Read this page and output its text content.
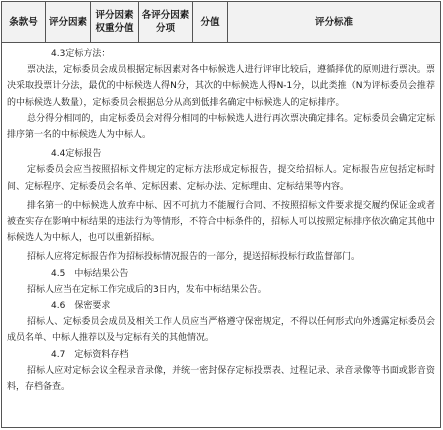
条款号	评分因素
评分因素权重分值
各评分因素分项
分值	评分标准

4.3定标方法：

票决法，定标委员会成员根据定标因素对各中标候选人进行评审比较后，遵循择优的原则进行票决。票决采取投票计分法，最优的中标候选人得N分，其次的中标候选人得N-1分，以此类推（N为评标委员会推荐的中标候选人数量），定标委员会根据总分从高到低排名确定中标候选人的定标排序。

总分得分相同的，由定标委员会对得分相同的中标候选人进行再次票决确定排名。定标委员会确定定标排序第一名的中标候选人为中标人。

4.4定标报告

定标委员会应当按照招标文件规定的定标方法形成定标报告，提交给招标人。定标报告应包括定标时间、定标程序、定标委员会名单、定标因素、定标办法、定标理由、定标结果等内容。

排名第一的中标候选人放弃中标、因不可抗力不能履行合同、不按照招标文件要求提交履约保证金或者被查实存在影响中标结果的违法行为等情形，不符合中标条件的，招标人可以按照定标排序依次确定其他中标候选人为中标人，也可以重新招标。

招标人应将定标报告作为招标投标情况报告的一部分，提送招标投标行政监督部门。

4.5　中标结果公告

招标人应当在定标工作完成后的3日内，发布中标结果公告。

4.6　保密要求

招标人、定标委员会成员及相关工作人员应当严格遵守保密规定，不得以任何形式向外透露定标委员会成员名单、中标人推荐以及与定标有关的其他情况。

4.7　定标资料存档

招标人应对定标会议全程录音录像，并统一密封保存定标投票表、过程记录、录音录像等书面或影音资料，存档备查。
